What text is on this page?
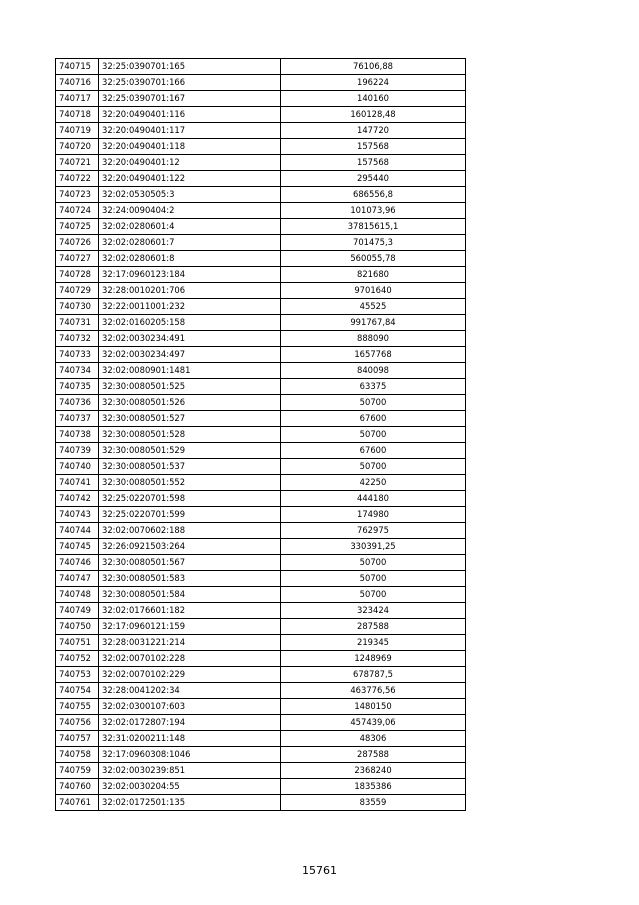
740715	32:25:0390701:165	76106,88
740716	32:25:0390701:166	196224
740717	32:25:0390701:167	140160
740718	32:20:0490401:116	160128,48
740719	32:20:0490401:117	147720
740720	32:20:0490401:118	157568
740721	32:20:0490401:12	157568
740722	32:20:0490401:122	295440
740723	32:02:0530505:3	686556,8
740724	32:24:0090404:2	101073,96
740725	32:02:0280601:4	37815615,1
740726	32:02:0280601:7	701475,3
740727	32:02:0280601:8	560055,78
740728	32:17:0960123:184	821680
740729	32:28:0010201:706	9701640
740730	32:22:0011001:232	45525
740731	32:02:0160205:158	991767,84
740732	32:02:0030234:491	888090
740733	32:02:0030234:497	1657768
740734	32:02:0080901:1481	840098
740735	32:30:0080501:525	63375
740736	32:30:0080501:526	50700
740737	32:30:0080501:527	67600
740738	32:30:0080501:528	50700
740739	32:30:0080501:529	67600
740740	32:30:0080501:537	50700
740741	32:30:0080501:552	42250
740742	32:25:0220701:598	444180
740743	32:25:0220701:599	174980
740744	32:02:0070602:188	762975
740745	32:26:0921503:264	330391,25
740746	32:30:0080501:567	50700
740747	32:30:0080501:583	50700
740748	32:30:0080501:584	50700
740749	32:02:0176601:182	323424
740750	32:17:0960121:159	287588
740751	32:28:0031221:214	219345
740752	32:02:0070102:228	1248969
740753	32:02:0070102:229	678787,5
740754	32:28:0041202:34	463776,56
740755	32:02:0300107:603	1480150
740756	32:02:0172807:194	457439,06
740757	32:31:0200211:148	48306
740758	32:17:0960308:1046	287588
740759	32:02:0030239:851	2368240
740760	32:02:0030204:55	1835386
740761	32:02:0172501:135	83559
15761
